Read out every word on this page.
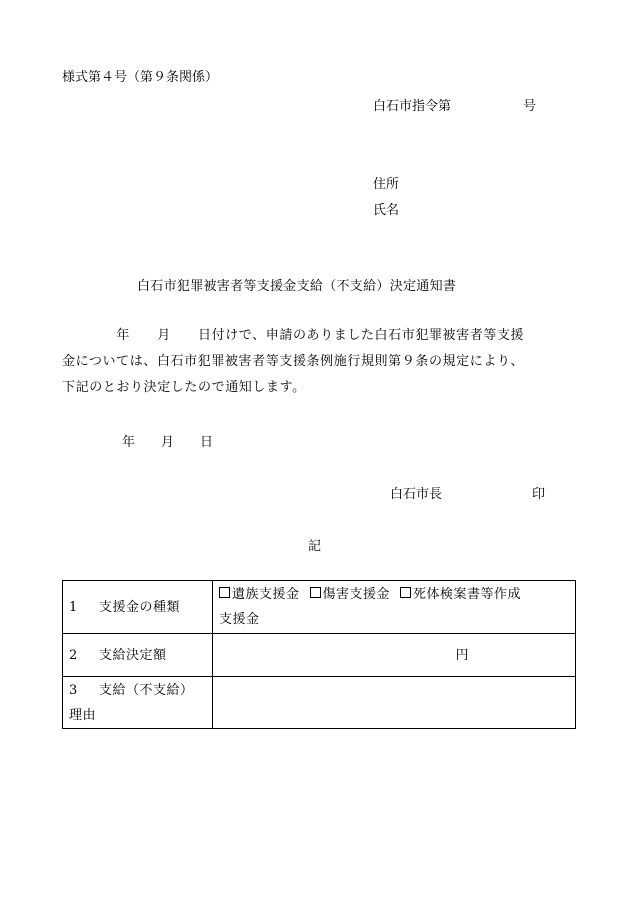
様式第４号（第９条関係）
白石市指令第	号
住所
氏名
白石市犯罪被害者等支援金支給（不支給）決定通知書
　　　　年　　月　　日付けで、申請のありました白石市犯罪被害者等支援
金については、白石市犯罪被害者等支援条例施行規則第９条の規定により、
下記のとおり決定したので通知します。
年　　月　　日
白石市長	印
記
1 支援金の種類	遺族支援金 傷害支援金 死体検案書等作成
支援金

2 支給決定額	円

3 支給（不支給）
理由	
